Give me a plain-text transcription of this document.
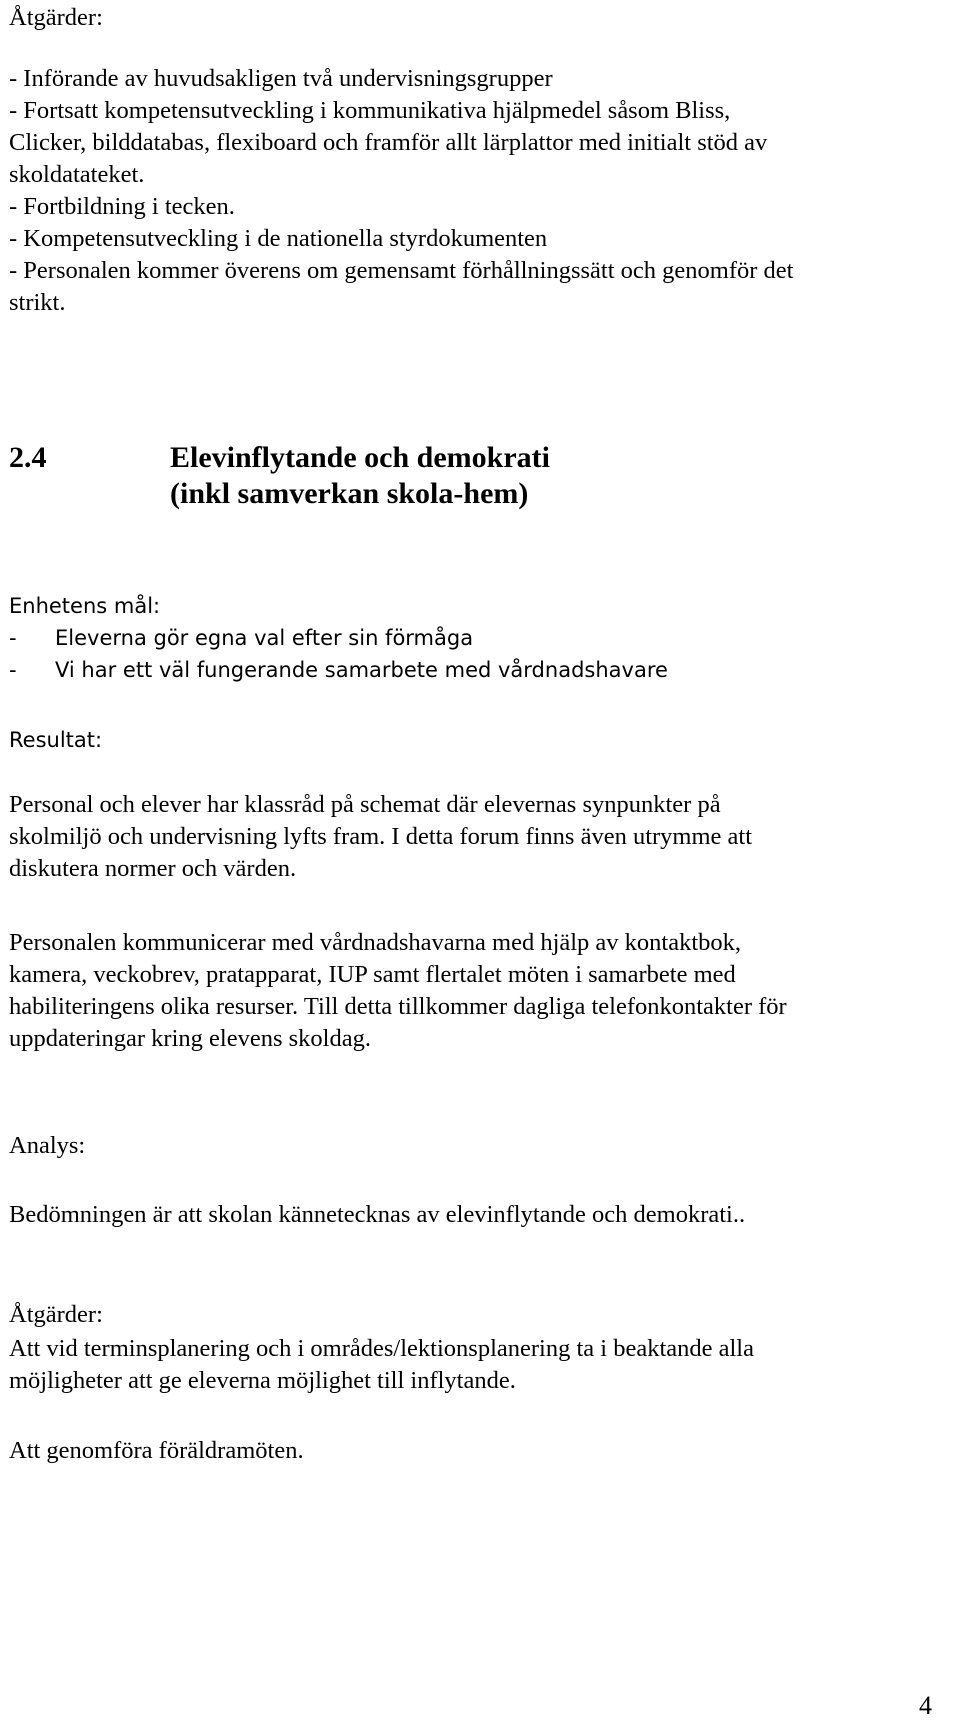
Åtgärder:
- Införande av huvudsakligen två undervisningsgrupper
- Fortsatt kompetensutveckling i kommunikativa hjälpmedel såsom Bliss,
Clicker, bilddatabas, flexiboard och framför allt lärplattor med initialt stöd av
skoldatateket.
- Fortbildning i tecken.
- Kompetensutveckling i de nationella styrdokumenten
- Personalen kommer överens om gemensamt förhållningssätt och genomför det
strikt.
2.4	Elevinflytande och demokrati
(inkl samverkan skola-hem)
Enhetens mål:
-	Eleverna gör egna val efter sin förmåga
-	Vi har ett väl fungerande samarbete med vårdnadshavare
Resultat:
Personal och elever har klassråd på schemat där elevernas synpunkter på
skolmiljö och undervisning lyfts fram. I detta forum finns även utrymme att
diskutera normer och värden.
Personalen kommunicerar med vårdnadshavarna med hjälp av kontaktbok,
kamera, veckobrev, pratapparat, IUP samt flertalet möten i samarbete med
habiliteringens olika resurser. Till detta tillkommer dagliga telefonkontakter för
uppdateringar kring elevens skoldag.
Analys:
Bedömningen är att skolan kännetecknas av elevinflytande och demokrati..
Åtgärder:
Att vid terminsplanering och i områdes/lektionsplanering ta i beaktande alla
möjligheter att ge eleverna möjlighet till inflytande.
Att genomföra föräldramöten.
4
